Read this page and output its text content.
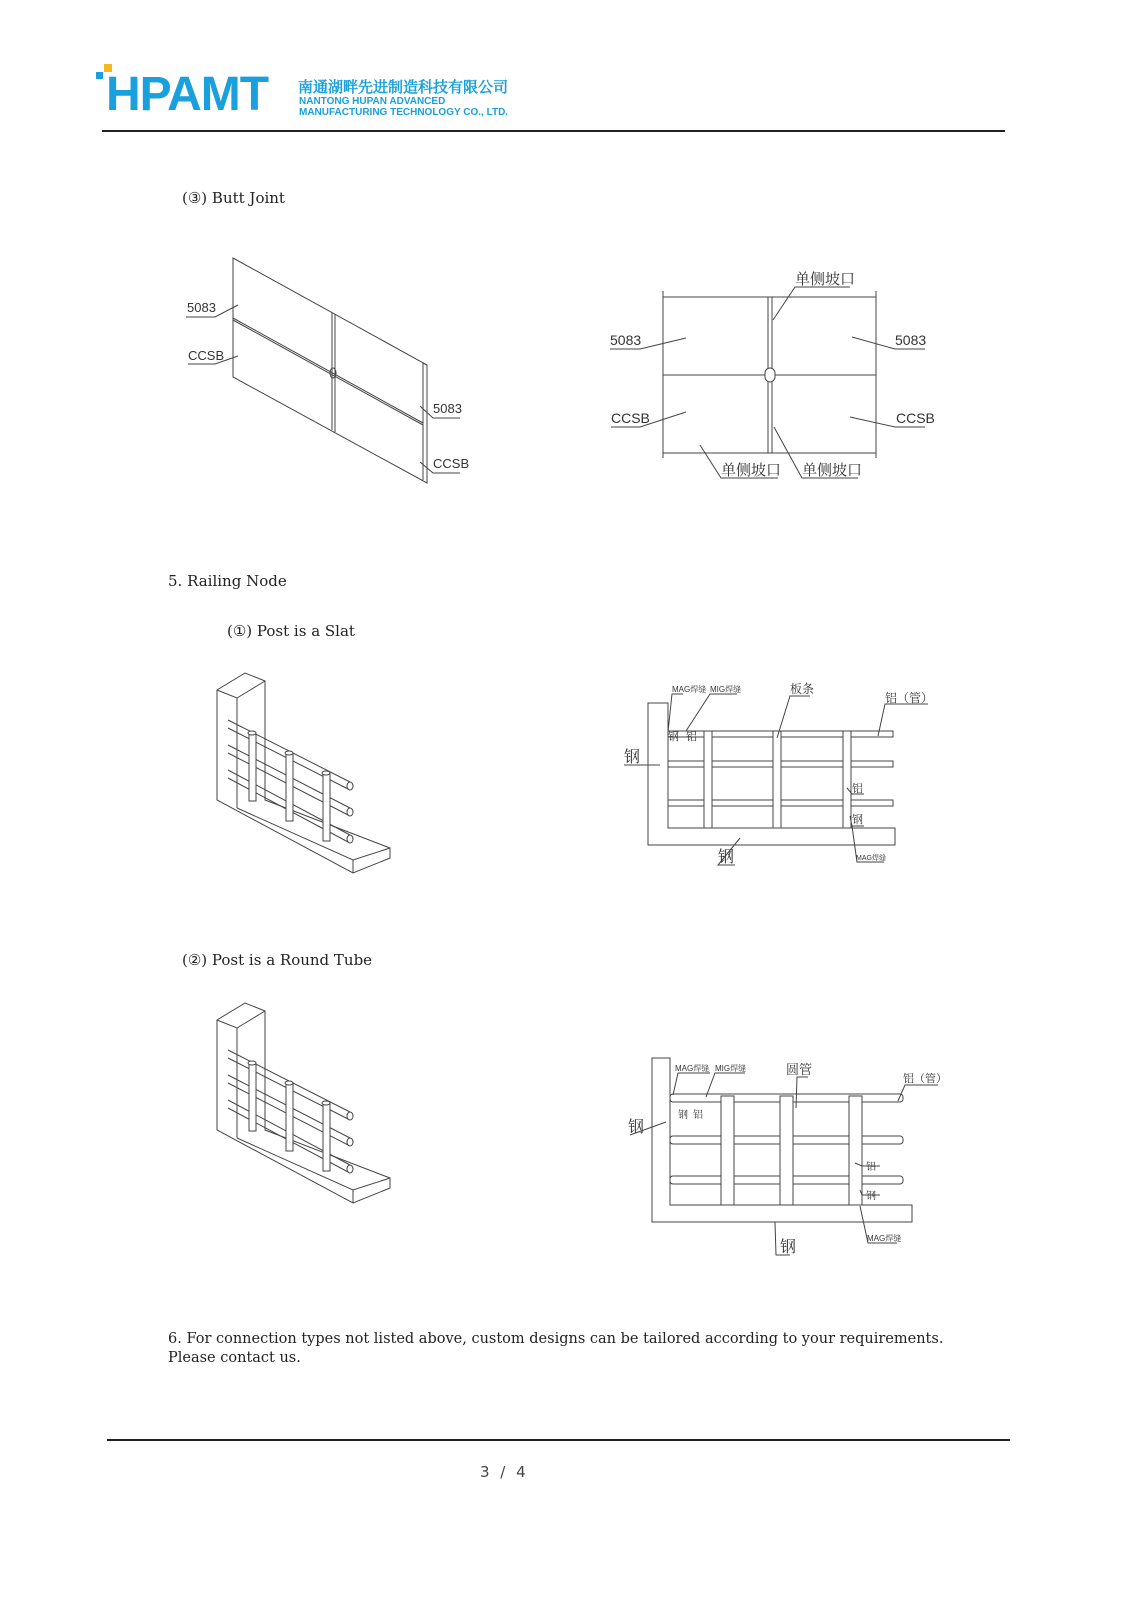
HPAMT 南通湖畔先进制造科技有限公司
NANTONG HUPAN ADVANCED
MANUFACTURING TECHNOLOGY CO., LTD.
(③) Butt Joint
5083
CCSB
5083
CCSB
单侧坡口
5083	5083
CCSB	CCSB
单侧坡口 单侧坡口
5. Railing Node
(①) Post is a Slat
MAG焊缝 MIG焊缝	板条
铝（管）
钢
钢 铝
铝
钢
钢	MAG焊缝
(②) Post is a Round Tube
MAG焊缝 MIG焊缝	圆管
铝（管）
钢
钢 铝
铝
钢
钢
MAG焊缝
6. For connection types not listed above, custom designs can be tailored according to your requirements.
Please contact us.
3 / 4
